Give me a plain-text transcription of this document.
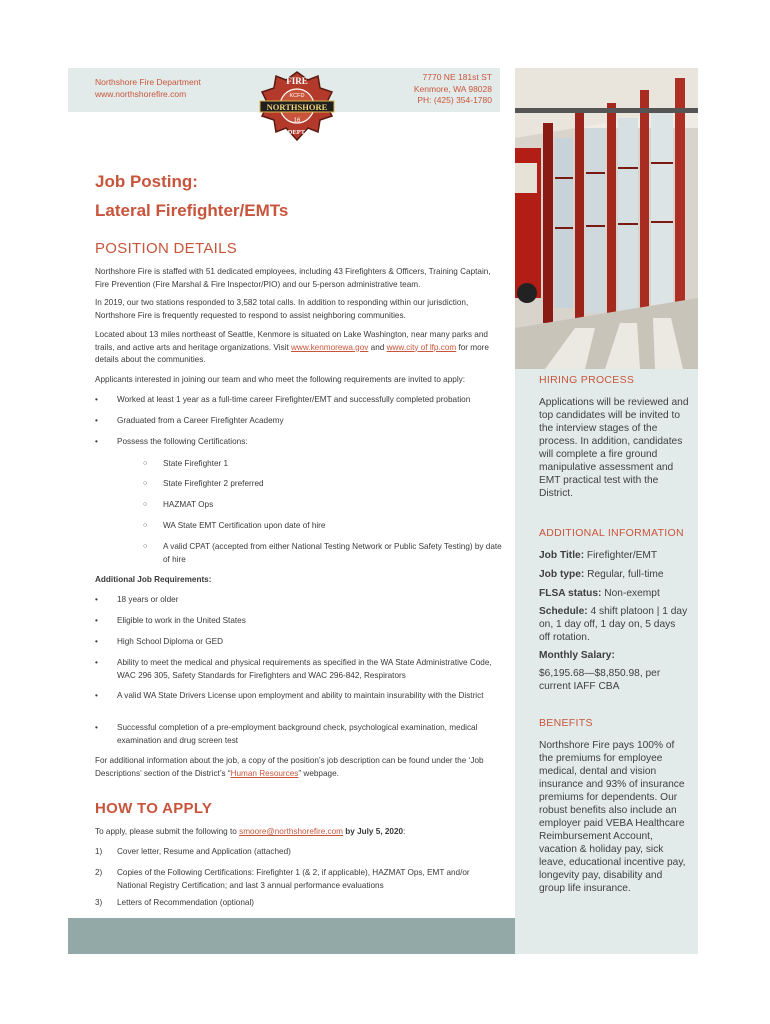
Northshore Fire Department
www.northshorefire.com
7770 NE 181st ST
Kenmore, WA 98028
PH: (425) 354-1780
FIRE
KCFD
NORTHSHORE
16
DEPT.
HIRING PROCESS
Applications will be reviewed and top candidates will be invited to the interview stages of the process. In addition, candidates will complete a fire ground manipulative assessment and EMT practical test with the District.
ADDITIONAL INFORMATION
Job Title: Firefighter/EMT
Job type: Regular, full-time
FLSA status: Non-exempt
Schedule: 4 shift platoon | 1 day on, 1 day off, 1 day on, 5 days off rotation.
Monthly Salary:
$6,195.68—$8,850.98, per current IAFF CBA
BENEFITS
Northshore Fire pays 100% of the premiums for employee medical, dental and vision insurance and 93% of insurance premiums for dependents. Our robust benefits also include an employer paid VEBA Healthcare Reimbursement Account, vacation & holiday pay, sick leave, educational incentive pay, longevity pay, disability and group life insurance.
Job Posting:
Lateral Firefighter/EMTs
POSITION DETAILS
Northshore Fire is staffed with 51 dedicated employees, including 43 Firefighters & Officers, Training Captain, Fire Prevention (Fire Marshal & Fire Inspector/PIO) and our 5-person administrative team.
In 2019, our two stations responded to 3,582 total calls. In addition to responding within our jurisdiction, Northshore Fire is frequently requested to respond to assist neighboring communities.
Located about 13 miles northeast of Seattle, Kenmore is situated on Lake Washington, near many parks and trails, and active arts and heritage organizations. Visit www.kenmorewa.gov and www.city of lfp.com for more details about the communities.
Applicants interested in joining our team and who meet the following requirements are invited to apply:
• Worked at least 1 year as a full-time career Firefighter/EMT and successfully completed probation
• Graduated from a Career Firefighter Academy
• Possess the following Certifications:
○ State Firefighter 1
○ State Firefighter 2 preferred
○ HAZMAT Ops
○ WA State EMT Certification upon date of hire
○ A valid CPAT (accepted from either National Testing Network or Public Safety Testing) by date of hire
Additional Job Requirements:
• 18 years or older
• Eligible to work in the United States
• High School Diploma or GED
• Ability to meet the medical and physical requirements as specified in the WA State Administrative Code, WAC 296 305, Safety Standards for Firefighters and WAC 296-842, Respirators
• A valid WA State Drivers License upon employment and ability to maintain insurability with the District
• Successful completion of a pre-employment background check, psychological examination, medical examination and drug screen test
For additional information about the job, a copy of the position’s job description can be found under the ‘Job Descriptions’ section of the District’s “Human Resources” webpage.
HOW TO APPLY
To apply, please submit the following to smoore@northshorefire.com by July 5, 2020:
1) Cover letter, Resume and Application (attached)
2) Copies of the Following Certifications: Firefighter 1 (& 2, if applicable), HAZMAT Ops, EMT and/or National Registry Certification; and last 3 annual performance evaluations
3) Letters of Recommendation (optional)
